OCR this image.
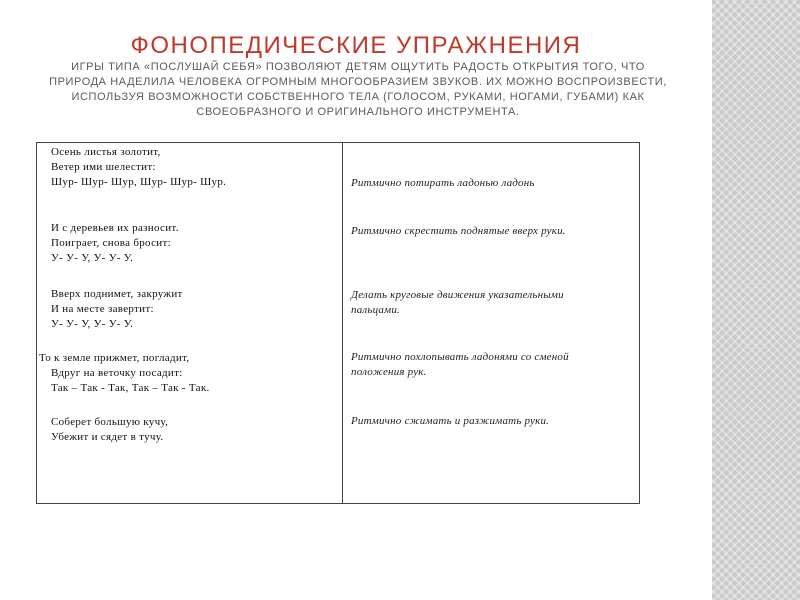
ФОНОПЕДИЧЕСКИЕ УПРАЖНЕНИЯ
ИГРЫ ТИПА «ПОСЛУШАЙ СЕБЯ» ПОЗВОЛЯЮТ ДЕТЯМ ОЩУТИТЬ РАДОСТЬ ОТКРЫТИЯ ТОГО, ЧТО ПРИРОДА НАДЕЛИЛА ЧЕЛОВЕКА ОГРОМНЫМ МНОГООБРАЗИЕМ ЗВУКОВ. ИХ МОЖНО ВОСПРОИЗВЕСТИ, ИСПОЛЬЗУЯ ВОЗМОЖНОСТИ СОБСТВЕННОГО ТЕЛА (ГОЛОСОМ, РУКАМИ, НОГАМИ, ГУБАМИ) КАК СВОЕОБРАЗНОГО И ОРИГИНАЛЬНОГО ИНСТРУМЕНТА.
Осень листья золотит,
Ветер ими шелестит:
Шур- Шур- Шур, Шур- Шур- Шур.
И с деревьев их разносит.
Поиграет, снова бросит:
У- У- У, У- У- У.
Вверх поднимет, закружит
И на месте завертит:
У- У- У, У- У- У.
То к земле прижмет, погладит,
Вдруг на веточку посадит:
Так – Так - Так, Так – Так - Так.
Соберет большую кучу,
Убежит и сядет в тучу.
Ритмично потирать ладонью ладонь
Ритмично скрестить поднятые вверх руки.
Делать круговые движения указательными пальцами.
Ритмично похлопывать ладонями со сменой положения рук.
Ритмично сжимать и разжимать руки.
